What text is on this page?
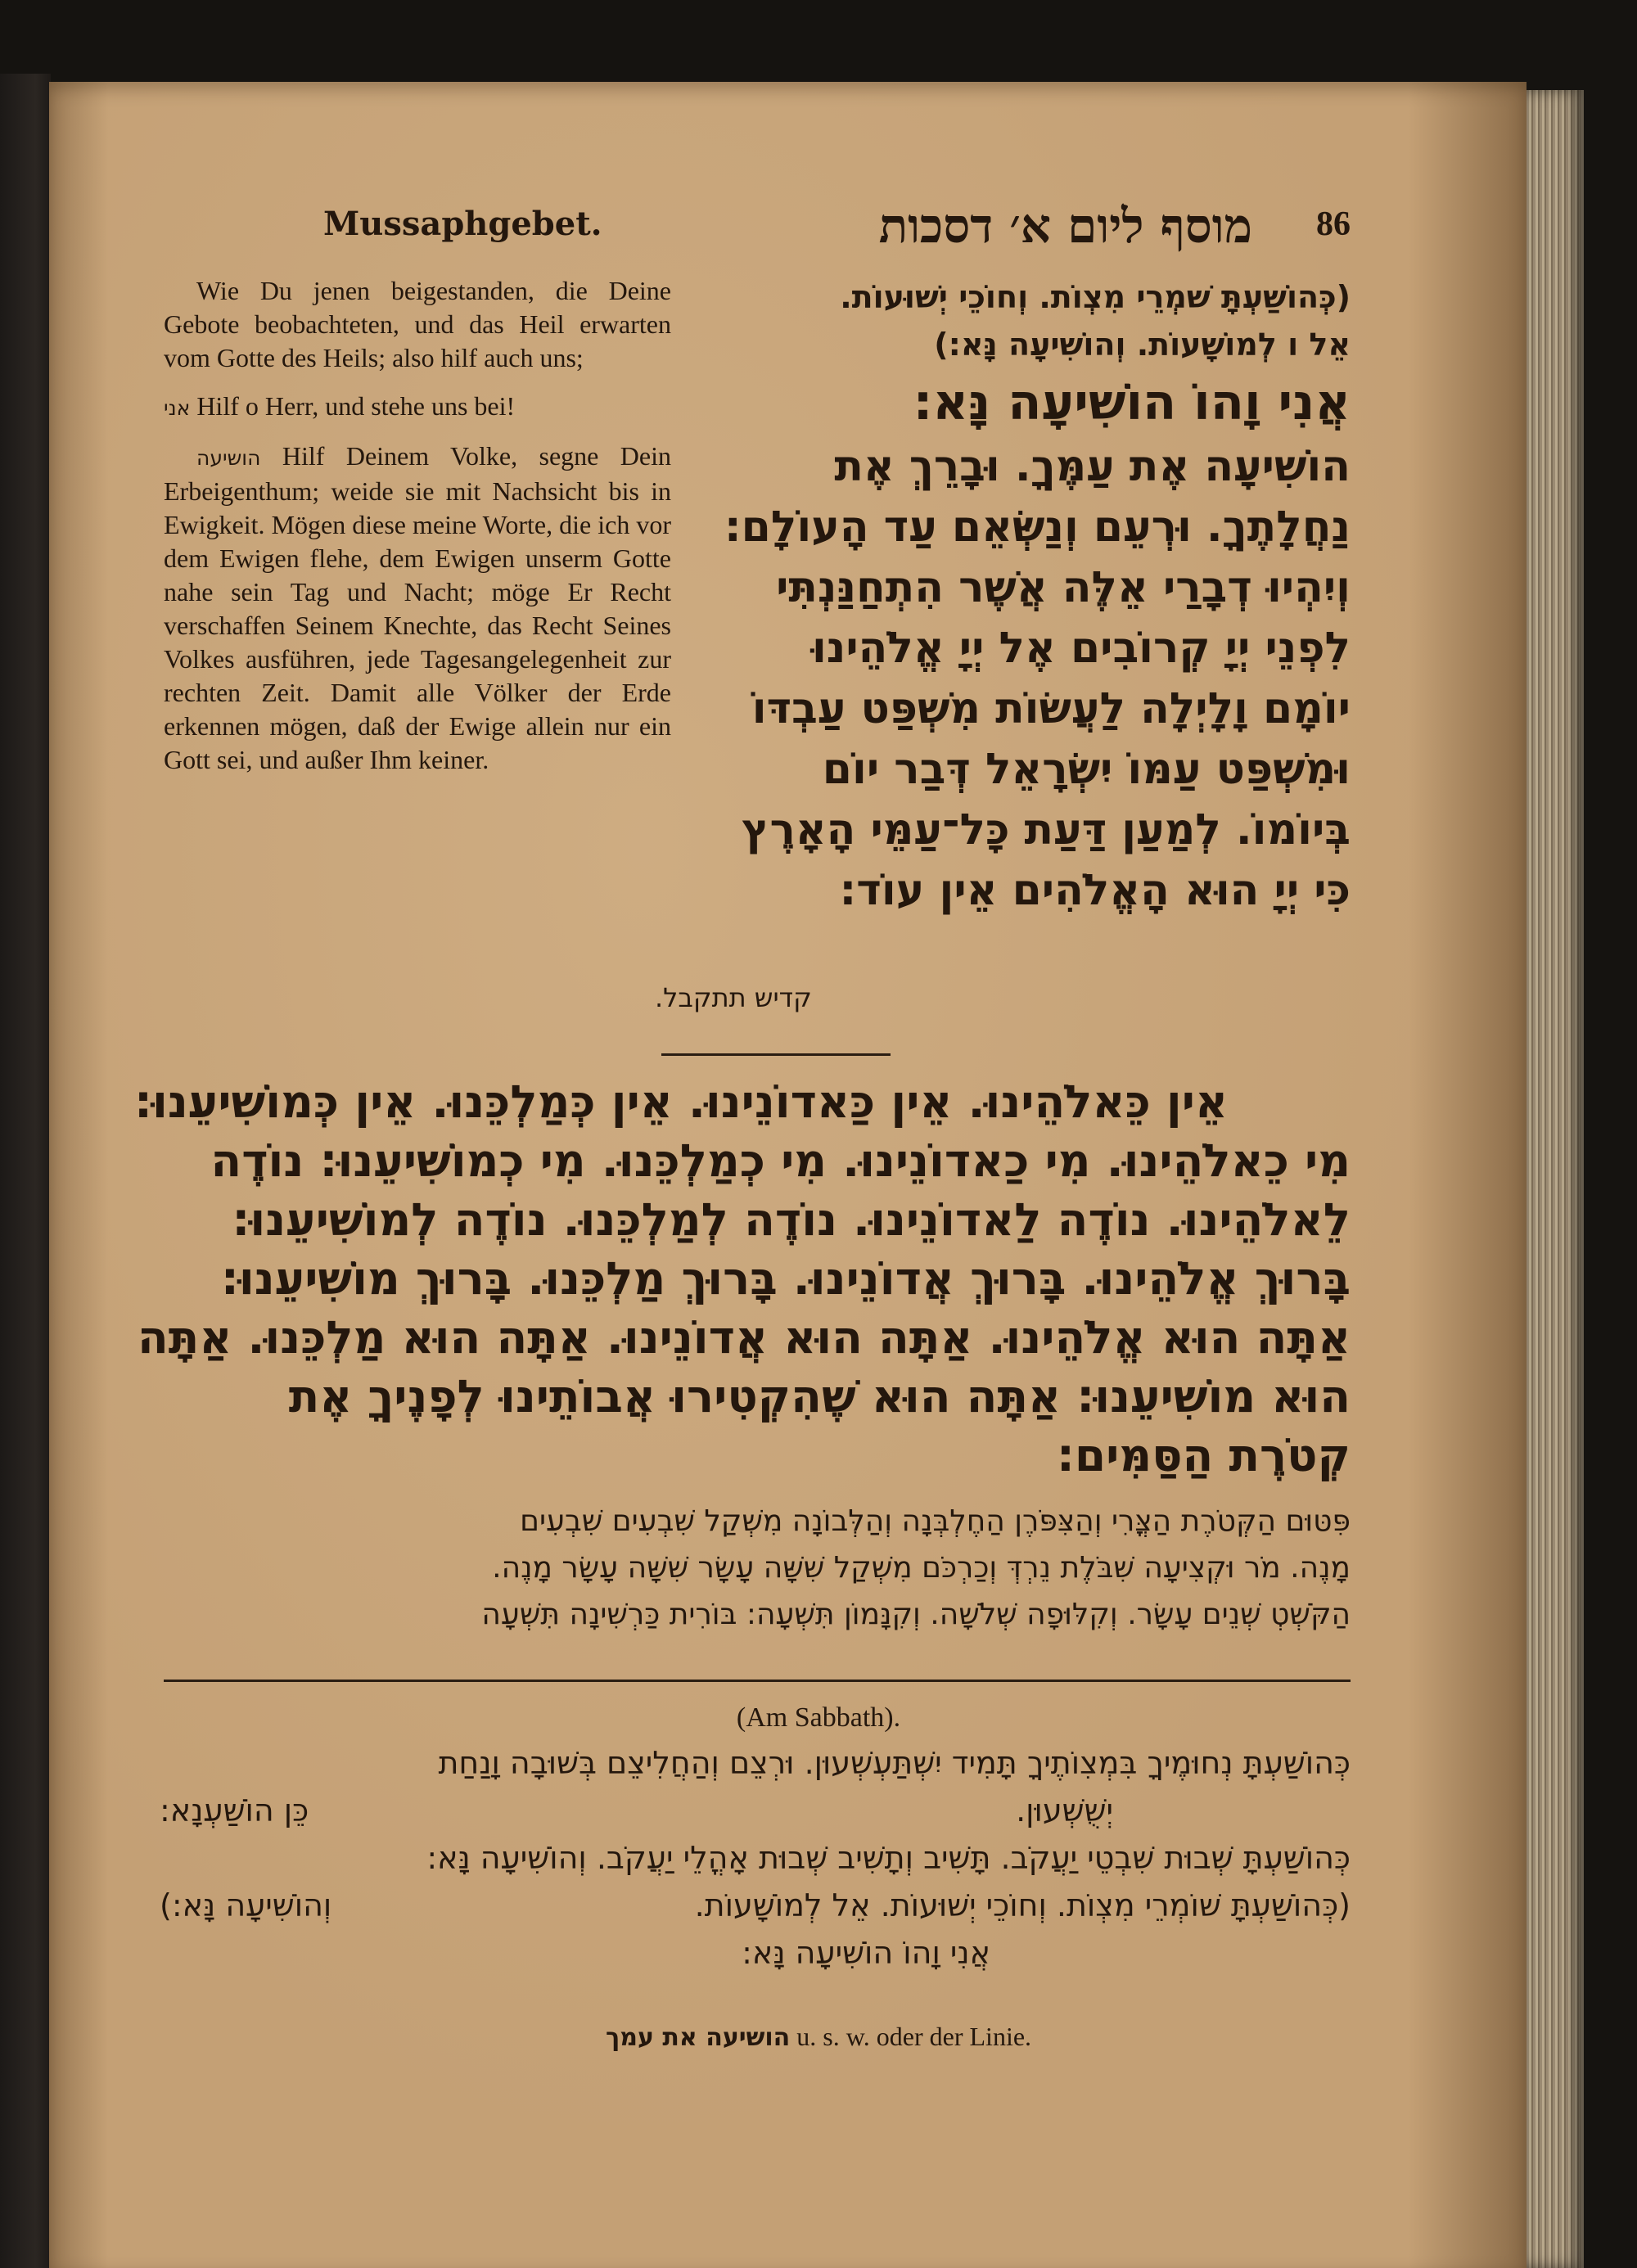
Mussaphgebet.	מוסף ליום א׳ דסכות 86

Wie Du jenen beigestanden, die Deine Gebote beobachteten, und das Heil erwarten vom Gotte des Heils; also hilf auch uns;

אני Hilf o Herr, und stehe uns bei!

הושיעה Hilf Deinem Volke, segne Dein Erbeigenthum; weide sie mit Nachsicht bis in Ewigkeit. Mögen diese meine Worte, die ich vor dem Ewigen flehe, dem Ewigen unserm Gotte nahe sein Tag und Nacht; möge Er Recht verschaffen Seinem Knechte, das Recht Seines Volkes ausführen, jede Tagesangelegenheit zur rechten Zeit. Damit alle Völker der Erde erkennen mögen, daß der Ewige allein nur ein Gott sei, und außer Ihm keiner.

(כְּהוֹשַׁעְתָּ שׁמְרֵי מִצְוֹת. וְחוֹכֵי יְשׁוּעוֹת.
אֵל ו לְמוֹשָׁעוֹת. וְהוֹשִׁיעָה נָּא:)
אֲנִי וָהוֹ הוֹשִׁיעָה נָּא:
הוֹשִׁיעָה אֶת עַמֶּךָ. וּבָרֵךְ אֶת
נַחֲלָתֶךָ. וּרְעֵם וְנַשְּׂאֵם עַד הָעוֹלָם:
וְיִהְיוּ דְבָרַי אֵלֶּה אֲשֶׁר הִתְחַנַּנְתִּי
לִפְנֵי יְיָ קְרוֹבִים אֶל יְיָ אֱלֹהֵינוּ
יוֹמָם וָלָיְלָה לַעֲשׂוֹת מִשְׁפַּט עַבְדּוֹ
וּמִשְׁפַּט עַמּוֹ יִשְׂרָאֵל דְּבַר יוֹם
בְּיוֹמוֹ. לְמַעַן דַּעַת כָּל־עַמֵּי הָאָרֶץ
כִּי יְיָ הוּא הָאֱלֹהִים אֵין עוֹד:
קדיש תתקבל.
אֵין כֵּאלֹהֵינוּ. אֵין כַּאדוֹנֵינוּ. אֵין כְּמַלְכֵּנוּ. אֵין כְּמוֹשִׁיעֵנוּ:
מִי כֵאלֹהֵינוּ. מִי כַאדוֹנֵינוּ. מִי כְמַלְכֵּנוּ. מִי כְמוֹשִׁיעֵנוּ: נוֹדֶה
לֵאלֹהֵינוּ. נוֹדֶה לַאדוֹנֵינוּ. נוֹדֶה לְמַלְכֵּנוּ. נוֹדֶה לְמוֹשִׁיעֵנוּ:
בָּרוּךְ אֱלֹהֵינוּ. בָּרוּךְ אֲדוֹנֵינוּ. בָּרוּךְ מַלְכֵּנוּ. בָּרוּךְ מוֹשִׁיעֵנוּ:
אַתָּה הוּא אֱלֹהֵינוּ. אַתָּה הוּא אֲדוֹנֵינוּ. אַתָּה הוּא מַלְכֵּנוּ. אַתָּה
הוּא מוֹשִׁיעֵנוּ: אַתָּה הוּא שֶׁהִקְטִירוּ אֲבוֹתֵינוּ לְפָנֶיךָ אֶת
קְטֹרֶת הַסַּמִּים:
פִּטּוּם הַקְּטֹרֶת הַצֳּרִי וְהַצִּפֹּרֶן הַחֶלְבְּנָה וְהַלְּבוֹנָה מִשְׁקַל שִׁבְעִים שִׁבְעִים
מָנֶה. מֹר וּקְצִיעָה שִׁבֹּלֶת נֵרְדְּ וְכַרְכֹּם מִשְׁקַל שִׁשָּׁה עָשָׂר שִׁשָּׁה עָשָׂר מָנֶה.
הַקֹּשְׁטְ שְׁנֵים עָשָׂר. וְקִלּוּפָה שְׁלֹשָׁה. וְקִנָּמוֹן תִּשְׁעָה: בּוֹרִית כַּרְשִׁינָה תִּשְׁעָה
(Am Sabbath).
כְּהוֹשַׁעְתָּ נְחוּמֶיךָ בִּמְצִוֹתֶיךָ תָּמִיד יִשְׁתַּעְשְׁעוּן. וּרְצֵם וְהַחֲלִיצֵם בְּשׁוּבָה וָנַחַת
יְשֻׁשְׁעוּן.
כֵּן הוֹשַׁעְנָא:
כְּהוֹשַׁעְתָּ שְׁבוּת שִׁבְטֵי יַעֲקֹב. תָּשִׁיב וְתָשִׁיב שְׁבוּת אָהֳלֵי יַעֲקֹב. וְהוֹשִׁיעָה נָּא:
(כְּהוֹשַׁעְתָּ שׁוֹמְרֵי מִצְוֹת. וְחוֹכֵי יְשׁוּעוֹת. אֵל לְמוֹשָׁעוֹת.
וְהוֹשִׁיעָה נָּא:)
אֲנִי וָהוֹ הוֹשִׁיעָה נָּא:
הושיעה את עמך u. s. w. oder der Linie.
